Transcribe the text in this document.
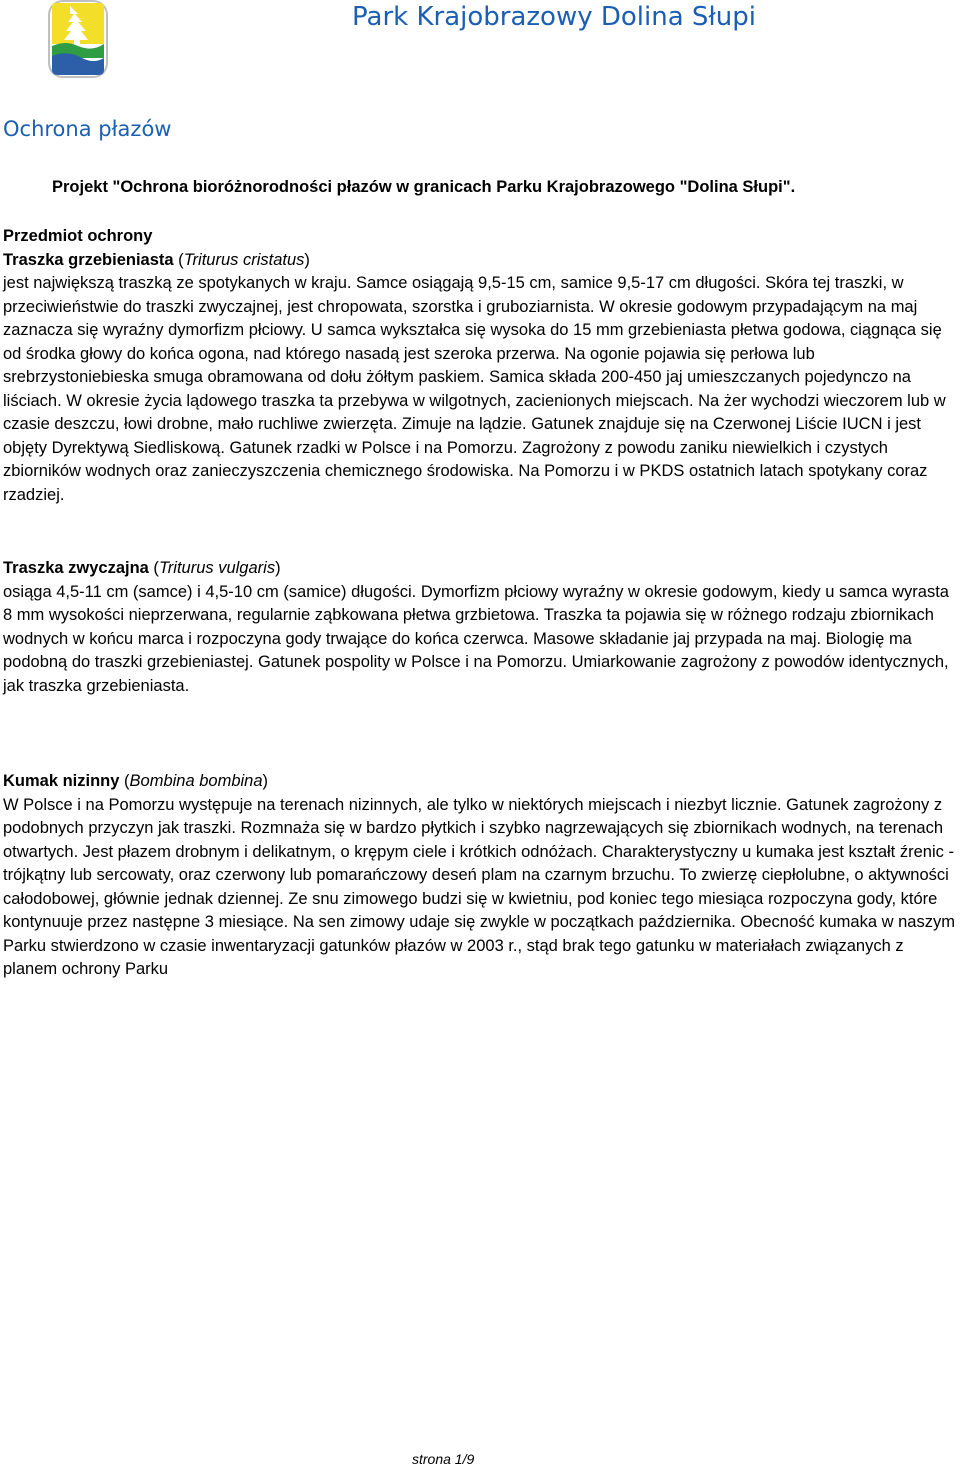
Park Krajobrazowy Dolina Słupi
Ochrona płazów

Projekt "Ochrona bioróżnorodności płazów w granicach Parku Krajobrazowego "Dolina Słupi".

Przedmiot ochrony

Traszka grzebieniasta (Triturus cristatus)

jest największą traszką ze spotykanych w kraju. Samce osiągają 9,5-15 cm, samice 9,5-17 cm długości. Skóra tej traszki, w przeciwieństwie do traszki zwyczajnej, jest chropowata, szorstka i gruboziarnista. W okresie godowym przypadającym na maj zaznacza się wyraźny dymorfizm płciowy. U samca wykształca się wysoka do 15 mm grzebieniasta płetwa godowa, ciągnąca się od środka głowy do końca ogona, nad którego nasadą jest szeroka przerwa. Na ogonie pojawia się perłowa lub srebrzystoniebieska smuga obramowana od dołu żółtym paskiem. Samica składa 200-450 jaj umieszczanych pojedynczo na liściach. W okresie życia lądowego traszka ta przebywa w wilgotnych, zacienionych miejscach. Na żer wychodzi wieczorem lub w czasie deszczu, łowi drobne, mało ruchliwe zwierzęta. Zimuje na lądzie. Gatunek znajduje się na Czerwonej Liście IUCN i jest objęty Dyrektywą Siedliskową. Gatunek rzadki w Polsce i na Pomorzu. Zagrożony z powodu zaniku niewielkich i czystych zbiorników wodnych oraz zanieczyszczenia chemicznego środowiska. Na Pomorzu i w PKDS ostatnich latach spotykany coraz rzadziej.

Traszka zwyczajna (Triturus vulgaris)

osiąga 4,5-11 cm (samce) i 4,5-10 cm (samice) długości. Dymorfizm płciowy wyraźny w okresie godowym, kiedy u samca wyrasta 8 mm wysokości nieprzerwana, regularnie ząbkowana płetwa grzbietowa. Traszka ta pojawia się w różnego rodzaju zbiornikach wodnych w końcu marca i rozpoczyna gody trwające do końca czerwca. Masowe składanie jaj przypada na maj. Biologię ma podobną do traszki grzebieniastej. Gatunek pospolity w Polsce i na Pomorzu. Umiarkowanie zagrożony z powodów identycznych, jak traszka grzebieniasta.

Kumak nizinny (Bombina bombina)

W Polsce i na Pomorzu występuje na terenach nizinnych, ale tylko w niektórych miejscach i niezbyt licznie. Gatunek zagrożony z podobnych przyczyn jak traszki. Rozmnaża się w bardzo płytkich i szybko nagrzewających się zbiornikach wodnych, na terenach otwartych. Jest płazem drobnym i delikatnym, o krępym ciele i krótkich odnóżach. Charakterystyczny u kumaka jest kształt źrenic - trójkątny lub sercowaty, oraz czerwony lub pomarańczowy deseń plam na czarnym brzuchu. To zwierzę ciepłolubne, o aktywności całodobowej, głównie jednak dziennej. Ze snu zimowego budzi się w kwietniu, pod koniec tego miesiąca rozpoczyna gody, które kontynuuje przez następne 3 miesiące. Na sen zimowy udaje się zwykle w początkach października. Obecność kumaka w naszym Parku stwierdzono w czasie inwentaryzacji gatunków płazów w 2003 r., stąd brak tego gatunku w materiałach związanych z planem ochrony Parku

strona 1/9
